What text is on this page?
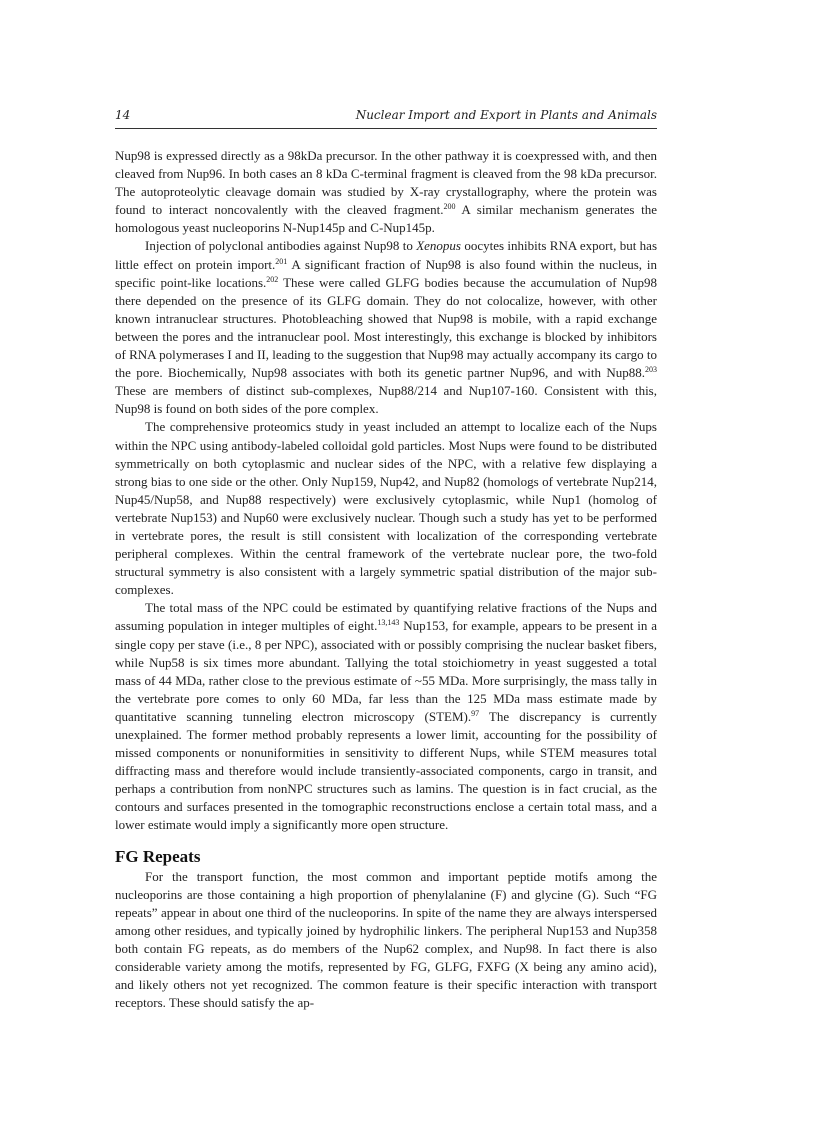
14	Nuclear Import and Export in Plants and Animals

Nup98 is expressed directly as a 98kDa precursor. In the other pathway it is coexpressed with, and then cleaved from Nup96. In both cases an 8 kDa C-terminal fragment is cleaved from the 98 kDa precursor. The autoproteolytic cleavage domain was studied by X-ray crystallography, where the protein was found to interact noncovalently with the cleaved fragment.$^{200}$ A similar mechanism generates the homologous yeast nucleoporins N-Nup145p and C-Nup145p.

Injection of polyclonal antibodies against Nup98 to Xenopus oocytes inhibits RNA export, but has little effect on protein import.$^{201}$ A significant fraction of Nup98 is also found within the nucleus, in specific point-like locations.$^{202}$ These were called GLFG bodies because the accumulation of Nup98 there depended on the presence of its GLFG domain. They do not colocalize, however, with other known intranuclear structures. Photobleaching showed that Nup98 is mobile, with a rapid exchange between the pores and the intranuclear pool. Most interestingly, this exchange is blocked by inhibitors of RNA polymerases I and II, leading to the suggestion that Nup98 may actually accompany its cargo to the pore. Biochemically, Nup98 associates with both its genetic partner Nup96, and with Nup88.$^{203}$ These are members of distinct sub-complexes, Nup88/214 and Nup107-160. Consistent with this, Nup98 is found on both sides of the pore complex.

The comprehensive proteomics study in yeast included an attempt to localize each of the Nups within the NPC using antibody-labeled colloidal gold particles. Most Nups were found to be distributed symmetrically on both cytoplasmic and nuclear sides of the NPC, with a relative few displaying a strong bias to one side or the other. Only Nup159, Nup42, and Nup82 (homologs of vertebrate Nup214, Nup45/Nup58, and Nup88 respectively) were exclusively cytoplasmic, while Nup1 (homolog of vertebrate Nup153) and Nup60 were exclusively nuclear. Though such a study has yet to be performed in vertebrate pores, the result is still consistent with localization of the corresponding vertebrate peripheral complexes. Within the central framework of the vertebrate nuclear pore, the two-fold structural symmetry is also consistent with a largely symmetric spatial distribution of the major sub-complexes.

The total mass of the NPC could be estimated by quantifying relative fractions of the Nups and assuming population in integer multiples of eight.$^{13,143}$ Nup153, for example, appears to be present in a single copy per stave (i.e., 8 per NPC), associated with or possibly comprising the nuclear basket fibers, while Nup58 is six times more abundant. Tallying the total stoichiometry in yeast suggested a total mass of 44 MDa, rather close to the previous estimate of ~55 MDa. More surprisingly, the mass tally in the vertebrate pore comes to only 60 MDa, far less than the 125 MDa mass estimate made by quantitative scanning tunneling electron microscopy (STEM).$^{97}$ The discrepancy is currently unexplained. The former method probably represents a lower limit, accounting for the possibility of missed components or nonuniformities in sensitivity to different Nups, while STEM measures total diffracting mass and therefore would include transiently-associated components, cargo in transit, and perhaps a contribution from nonNPC structures such as lamins. The question is in fact crucial, as the contours and surfaces presented in the tomographic reconstructions enclose a certain total mass, and a lower estimate would imply a significantly more open structure.

FG Repeats

For the transport function, the most common and important peptide motifs among the nucleoporins are those containing a high proportion of phenylalanine (F) and glycine (G). Such “FG repeats” appear in about one third of the nucleoporins. In spite of the name they are always interspersed among other residues, and typically joined by hydrophilic linkers. The peripheral Nup153 and Nup358 both contain FG repeats, as do members of the Nup62 complex, and Nup98. In fact there is also considerable variety among the motifs, represented by FG, GLFG, FXFG (X being any amino acid), and likely others not yet recognized. The common feature is their specific interaction with transport receptors. These should satisfy the ap-
